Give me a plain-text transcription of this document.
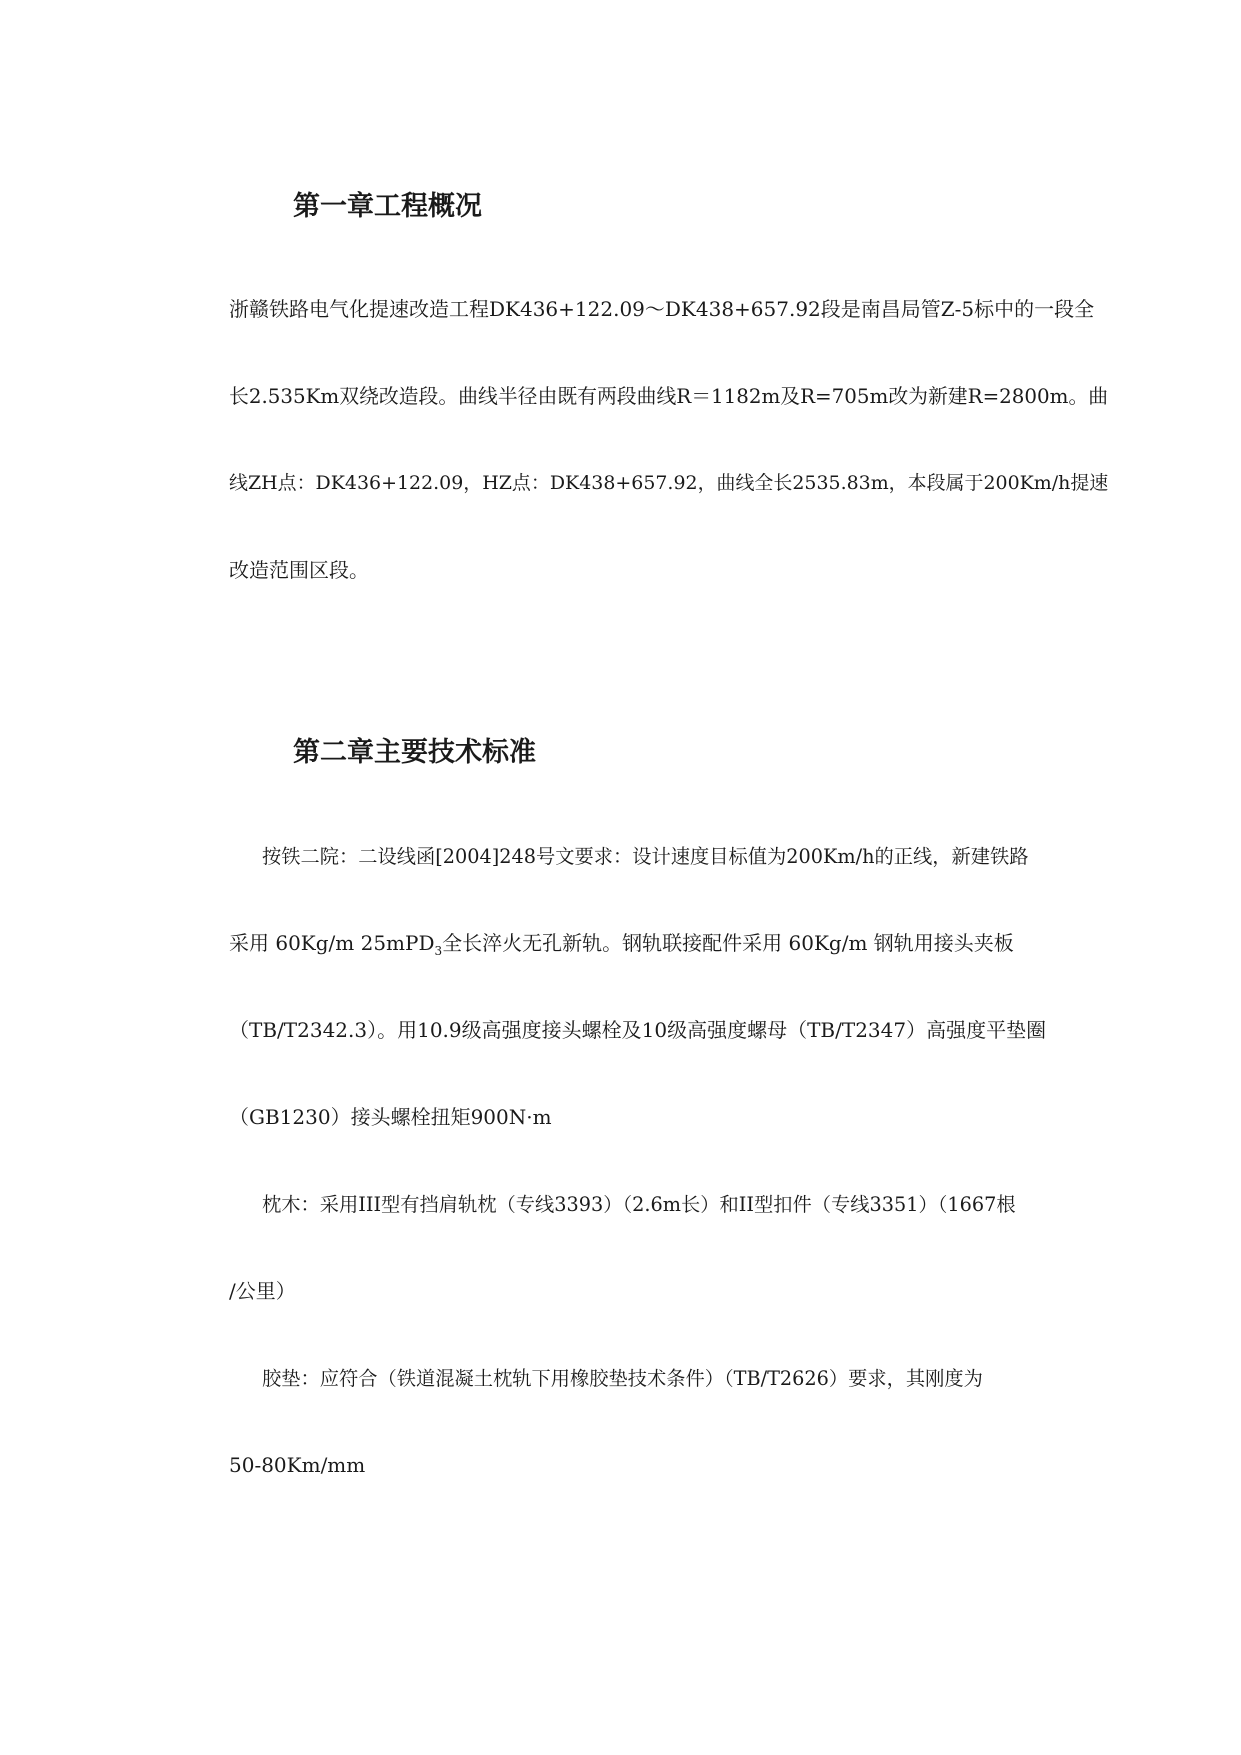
第一章工程概况
浙赣铁路电气化提速改造工程DK436+122.09～DK438+657.92段是南昌局管Z-5标中的一段全
长2.535Km双绕改造段。曲线半径由既有两段曲线R＝1182m及R=705m改为新建R=2800m。曲
线ZH点：DK436+122.09，HZ点：DK438+657.92，曲线全长2535.83m，本段属于200Km/h提速
改造范围区段。
第二章主要技术标准
按铁二院：二设线函[2004]248号文要求：设计速度目标值为200Km/h的正线，新建铁路
采用 60Kg/m 25mPD$_3$全长淬火无孔新轨。钢轨联接配件采用 60Kg/m 钢轨用接头夹板
（TB/T2342.3）。用10.9级高强度接头螺栓及10级高强度螺母（TB/T2347）高强度平垫圈
（GB1230）接头螺栓扭矩900N·m
枕木：采用III型有挡肩轨枕（专线3393）（2.6m长）和II型扣件（专线3351）（1667根
/公里）
胶垫：应符合（铁道混凝土枕轨下用橡胶垫技术条件）（TB/T2626）要求，其刚度为
50-80Km/mm
